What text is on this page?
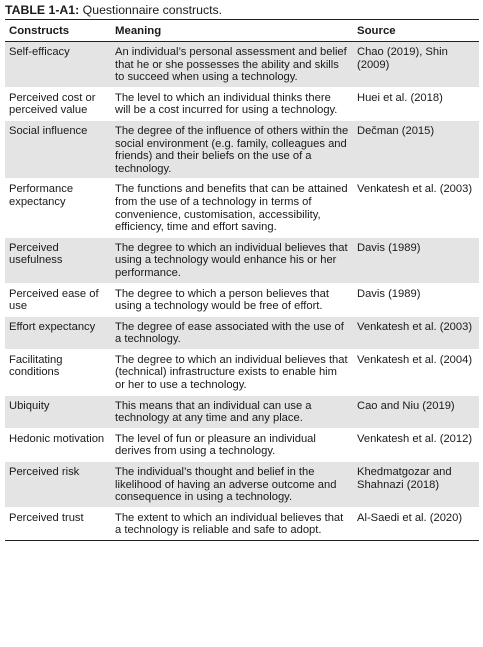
TABLE 1-A1: Questionnaire constructs.
Constructs	Meaning	Source
Self-efficacy	An individual’s personal assessment and belief that he or she possesses the ability and skills to succeed when using a technology.	Chao (2019), Shin (2009)
Perceived cost or perceived value	The level to which an individual thinks there will be a cost incurred for using a technology.	Huei et al. (2018)
Social influence	The degree of the influence of others within the social environment (e.g. family, colleagues and friends) and their beliefs on the use of a technology.	Dečman (2015)
Performance expectancy	The functions and benefits that can be attained from the use of a technology in terms of convenience, customisation, accessibility, efficiency, time and effort saving.	Venkatesh et al. (2003)
Perceived usefulness	The degree to which an individual believes that using a technology would enhance his or her performance.	Davis (1989)
Perceived ease of use	The degree to which a person believes that using a technology would be free of effort.	Davis (1989)
Effort expectancy	The degree of ease associated with the use of a technology.	Venkatesh et al. (2003)
Facilitating conditions	The degree to which an individual believes that (technical) infrastructure exists to enable him or her to use a technology.	Venkatesh et al. (2004)
Ubiquity	This means that an individual can use a technology at any time and any place.	Cao and Niu (2019)
Hedonic motivation	The level of fun or pleasure an individual derives from using a technology.	Venkatesh et al. (2012)
Perceived risk	The individual’s thought and belief in the likelihood of having an adverse outcome and consequence in using a technology.	Khedmatgozar and Shahnazi (2018)
Perceived trust	The extent to which an individual believes that a technology is reliable and safe to adopt.	Al-Saedi et al. (2020)
